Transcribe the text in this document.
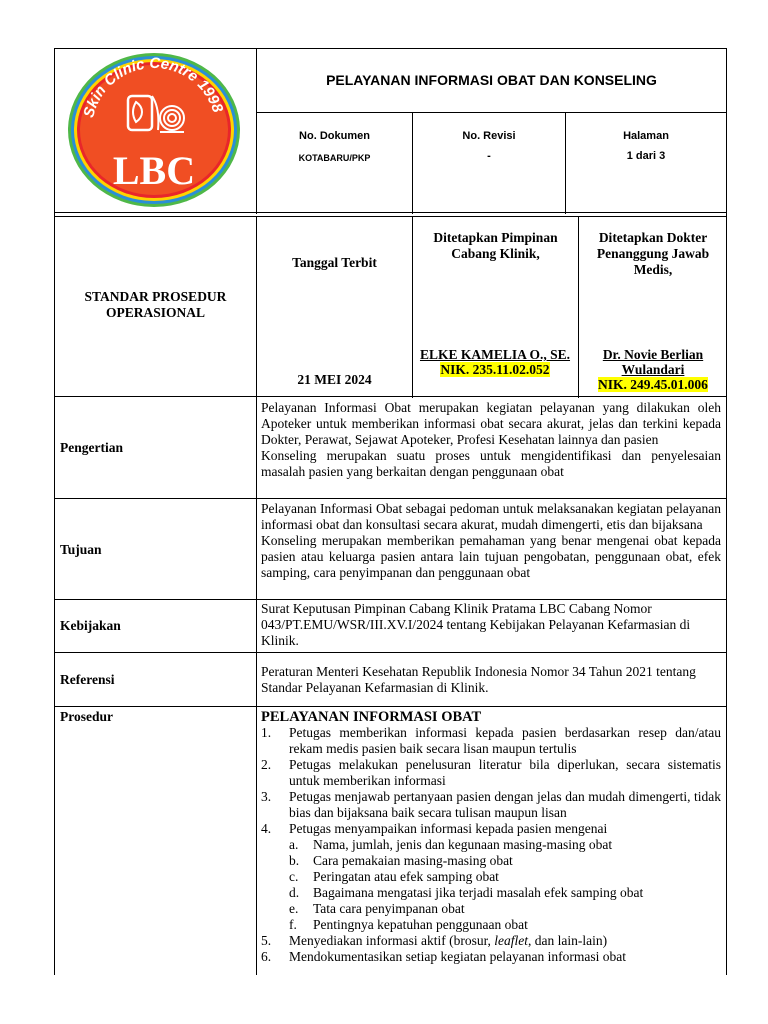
Skin Clinic Centre 1998
LBC
PELAYANAN INFORMASI OBAT DAN KONSELING
No. Dokumen
KOTABARU/PKP
No. Revisi
-
Halaman
1 dari 3
STANDAR PROSEDUR
OPERASIONAL
Tanggal Terbit
21 MEI 2024
Ditetapkan Pimpinan Cabang Klinik,
ELKE KAMELIA O., SE.
NIK. 235.11.02.052
Ditetapkan Dokter Penanggung Jawab Medis,
Dr. Novie Berlian Wulandari
NIK. 249.45.01.006
Pengertian
Pelayanan Informasi Obat merupakan kegiatan pelayanan yang dilakukan oleh Apoteker untuk memberikan informasi obat secara akurat, jelas dan terkini kepada Dokter, Perawat, Sejawat Apoteker, Profesi Kesehatan lainnya dan pasien
Konseling merupakan suatu proses untuk mengidentifikasi dan penyelesaian masalah pasien yang berkaitan dengan penggunaan obat
Tujuan
Pelayanan Informasi Obat sebagai pedoman untuk melaksanakan kegiatan pelayanan informasi obat dan konsultasi secara akurat, mudah dimengerti, etis dan bijaksana
Konseling merupakan memberikan pemahaman yang benar mengenai obat kepada pasien atau keluarga pasien antara lain tujuan pengobatan, penggunaan obat, efek samping, cara penyimpanan dan penggunaan obat
Kebijakan
Surat Keputusan Pimpinan Cabang Klinik Pratama LBC Cabang Nomor 043/PT.EMU/WSR/III.XV.I/2024 tentang Kebijakan Pelayanan Kefarmasian di Klinik.
Referensi
Peraturan Menteri Kesehatan Republik Indonesia Nomor 34 Tahun 2021 tentang Standar Pelayanan Kefarmasian di Klinik.
Prosedur	PELAYANAN INFORMASI OBAT
1. Petugas memberikan informasi kepada pasien berdasarkan resep dan/atau rekam medis pasien baik secara lisan maupun tertulis
2. Petugas melakukan penelusuran literatur bila diperlukan, secara sistematis untuk memberikan informasi
3. Petugas menjawab pertanyaan pasien dengan jelas dan mudah dimengerti, tidak bias dan bijaksana baik secara tulisan maupun lisan
4. Petugas menyampaikan informasi kepada pasien mengenai
a. Nama, jumlah, jenis dan kegunaan masing-masing obat
b. Cara pemakaian masing-masing obat
c. Peringatan atau efek samping obat
d. Bagaimana mengatasi jika terjadi masalah efek samping obat
e. Tata cara penyimpanan obat
f. Pentingnya kepatuhan penggunaan obat
5. Menyediakan informasi aktif (brosur, leaflet, dan lain-lain)
6. Mendokumentasikan setiap kegiatan pelayanan informasi obat
